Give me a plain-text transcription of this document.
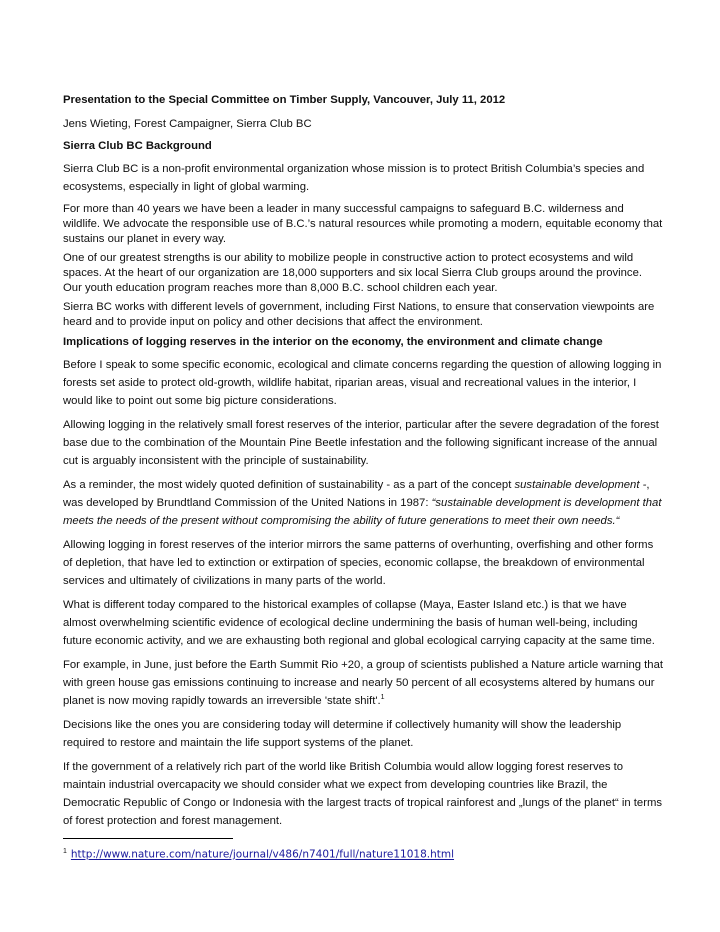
Presentation to the Special Committee on Timber Supply, Vancouver, July 11, 2012
Jens Wieting, Forest Campaigner, Sierra Club BC
Sierra Club BC Background
Sierra Club BC is a non-profit environmental organization whose mission is to protect British Columbia’s species and ecosystems, especially in light of global warming.
For more than 40 years we have been a leader in many successful campaigns to safeguard B.C. wilderness and wildlife. We advocate the responsible use of B.C.’s natural resources while promoting a modern, equitable economy that sustains our planet in every way.
One of our greatest strengths is our ability to mobilize people in constructive action to protect ecosystems and wild spaces. At the heart of our organization are 18,000 supporters and six local Sierra Club groups around the province. Our youth education program reaches more than 8,000 B.C. school children each year.
Sierra BC works with different levels of government, including First Nations, to ensure that conservation viewpoints are heard and to provide input on policy and other decisions that affect the environment.
Implications of logging reserves in the interior on the economy, the environment and climate change
Before I speak to some specific economic, ecological and climate concerns regarding the question of allowing logging in forests set aside to protect old-growth, wildlife habitat, riparian areas, visual and recreational values in the interior, I would like to point out some big picture considerations.
Allowing logging in the relatively small forest reserves of the interior, particular after the severe degradation of the forest base due to the combination of the Mountain Pine Beetle infestation and the following significant increase of the annual cut is arguably inconsistent with the principle of sustainability.
As a reminder, the most widely quoted definition of sustainability - as a part of the concept sustainable development -, was developed by Brundtland Commission of the United Nations in 1987: “sustainable development is development that meets the needs of the present without compromising the ability of future generations to meet their own needs.“
Allowing logging in forest reserves of the interior mirrors the same patterns of overhunting, overfishing and other forms of depletion, that have led to extinction or extirpation of species, economic collapse, the breakdown of environmental services and ultimately of civilizations in many parts of the world.
What is different today compared to the historical examples of collapse (Maya, Easter Island etc.) is that we have almost overwhelming scientific evidence of ecological decline undermining the basis of human well-being, including future economic activity, and we are exhausting both regional and global ecological carrying capacity at the same time.
For example, in June, just before the Earth Summit Rio +20, a group of scientists published a Nature article warning that with green house gas emissions continuing to increase and nearly 50 percent of all ecosystems altered by humans our planet is now moving rapidly towards an irreversible 'state shift'.$^1$
Decisions like the ones you are considering today will determine if collectively humanity will show the leadership required to restore and maintain the life support systems of the planet.
If the government of a relatively rich part of the world like British Columbia would allow logging forest reserves to maintain industrial overcapacity we should consider what we expect from developing countries like Brazil, the Democratic Republic of Congo or Indonesia with the largest tracts of tropical rainforest and „lungs of the planet“ in terms of forest protection and forest management.
$^1$ http://www.nature.com/nature/journal/v486/n7401/full/nature11018.html
